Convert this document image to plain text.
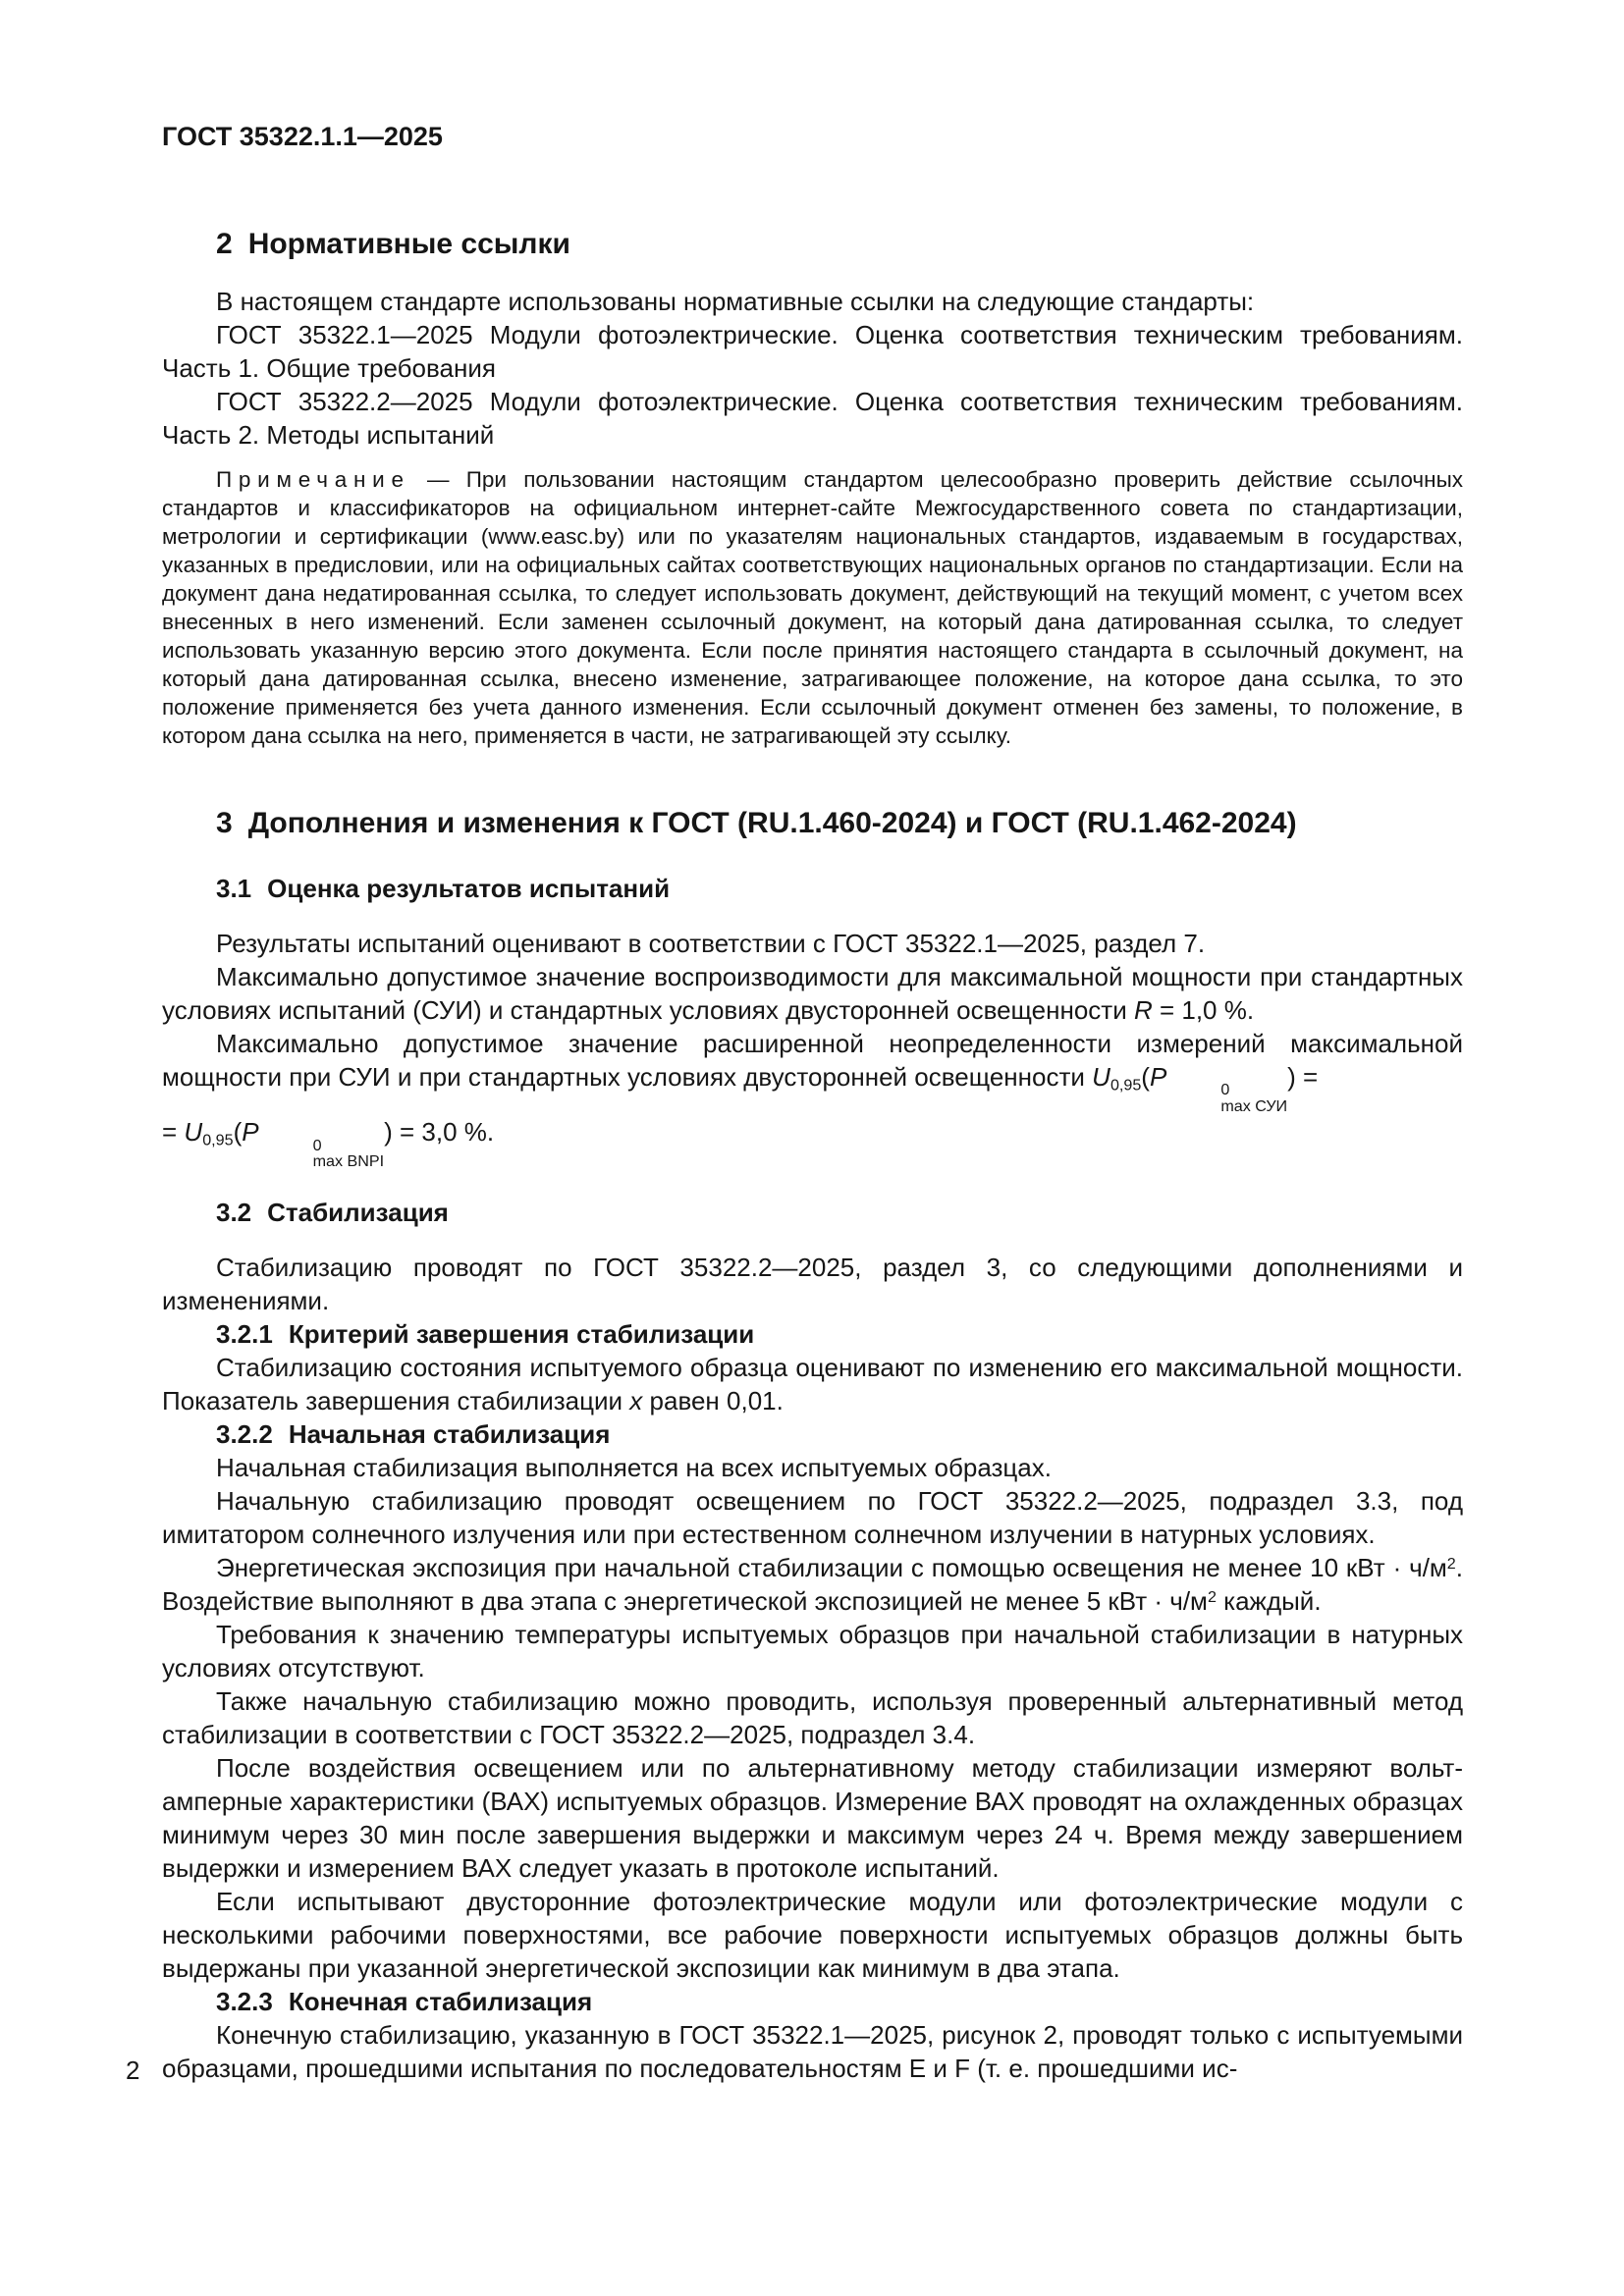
ГОСТ 35322.1.1—2025
2 Нормативные ссылки

В настоящем стандарте использованы нормативные ссылки на следующие стандарты:

ГОСТ 35322.1—2025 Модули фотоэлектрические. Оценка соответствия техническим требованиям. Часть 1. Общие требования

ГОСТ 35322.2—2025 Модули фотоэлектрические. Оценка соответствия техническим требованиям. Часть 2. Методы испытаний

Примечание — При пользовании настоящим стандартом целесообразно проверить действие ссылочных стандартов и классификаторов на официальном интернет-сайте Межгосударственного совета по стандартизации, метрологии и сертификации (www.easc.by) или по указателям национальных стандартов, издаваемым в государствах, указанных в предисловии, или на официальных сайтах соответствующих национальных органов по стандартизации. Если на документ дана недатированная ссылка, то следует использовать документ, действующий на текущий момент, с учетом всех внесенных в него изменений. Если заменен ссылочный документ, на который дана датированная ссылка, то следует использовать указанную версию этого документа. Если после принятия настоящего стандарта в ссылочный документ, на который дана датированная ссылка, внесено изменение, затрагивающее положение, на которое дана ссылка, то это положение применяется без учета данного изменения. Если ссылочный документ отменен без замены, то положение, в котором дана ссылка на него, применяется в части, не затрагивающей эту ссылку.

3 Дополнения и изменения к ГОСТ (RU.1.460-2024) и ГОСТ (RU.1.462-2024)
3.1 Оценка результатов испытаний

Результаты испытаний оценивают в соответствии с ГОСТ 35322.1—2025, раздел 7.

Максимально допустимое значение воспроизводимости для максимальной мощности при стандартных условиях испытаний (СУИ) и стандартных условиях двусторонней освещенности R = 1,0 %.

Максимально допустимое значение расширенной неопределенности измерений максимальной мощности при СУИ и при стандартных условиях двусторонней освещенности $U_{0,95}(P$	0
max СУИ
) =
= $U_{0,95}(P$	0
max BNPI
) = 3,0 %.

3.2 Стабилизация

Стабилизацию проводят по ГОСТ 35322.2—2025, раздел 3, со следующими дополнениями и изменениями.

3.2.1 Критерий завершения стабилизации

Стабилизацию состояния испытуемого образца оценивают по изменению его максимальной мощности. Показатель завершения стабилизации x равен 0,01.

3.2.2 Начальная стабилизация

Начальная стабилизация выполняется на всех испытуемых образцах.

Начальную стабилизацию проводят освещением по ГОСТ 35322.2—2025, подраздел 3.3, под имитатором солнечного излучения или при естественном солнечном излучении в натурных условиях.

Энергетическая экспозиция при начальной стабилизации с помощью освещения не менее 10 кВт · $ч/м^2$. Воздействие выполняют в два этапа с энергетической экспозицией не менее 5 кВт · $ч/м^2$ каждый.

Требования к значению температуры испытуемых образцов при начальной стабилизации в натурных условиях отсутствуют.

Также начальную стабилизацию можно проводить, используя проверенный альтернативный метод стабилизации в соответствии с ГОСТ 35322.2—2025, подраздел 3.4.

После воздействия освещением или по альтернативному методу стабилизации измеряют вольт-амперные характеристики (ВАХ) испытуемых образцов. Измерение ВАХ проводят на охлажденных образцах минимум через 30 мин после завершения выдержки и максимум через 24 ч. Время между завершением выдержки и измерением ВАХ следует указать в протоколе испытаний.

Если испытывают двусторонние фотоэлектрические модули или фотоэлектрические модули с несколькими рабочими поверхностями, все рабочие поверхности испытуемых образцов должны быть выдержаны при указанной энергетической экспозиции как минимум в два этапа.

3.2.3 Конечная стабилизация

Конечную стабилизацию, указанную в ГОСТ 35322.1—2025, рисунок 2, проводят только с испытуемыми образцами, прошедшими испытания по последовательностям E и F (т. е. прошедшими ис-

2
